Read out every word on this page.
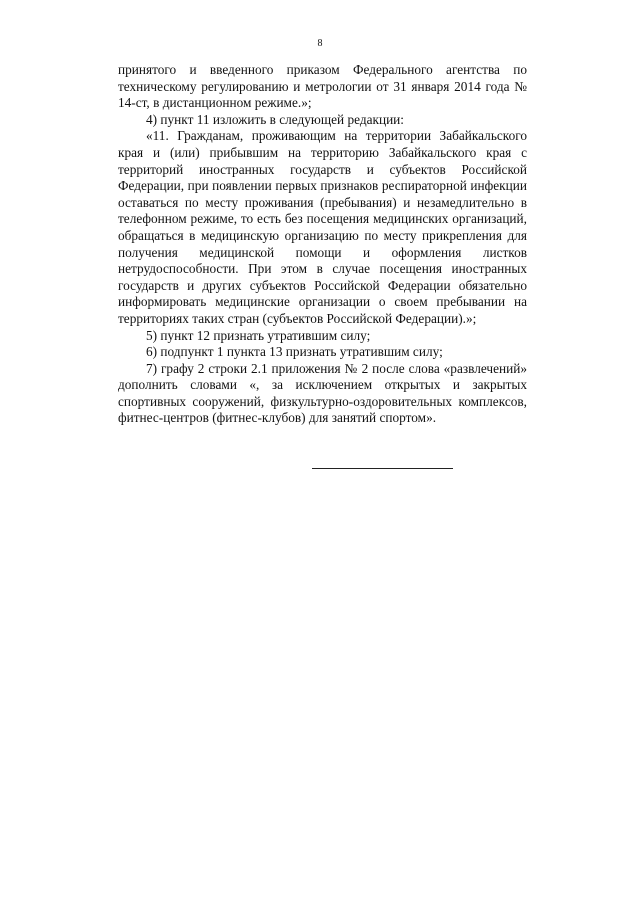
8

принятого и введенного приказом Федерального агентства по техническому регулированию и метрологии от 31 января 2014 года № 14-ст, в дистанционном режиме.»;

4) пункт 11 изложить в следующей редакции:

«11. Гражданам, проживающим на территории Забайкальского края и (или) прибывшим на территорию Забайкальского края с территорий иностранных государств и субъектов Российской Федерации, при появлении первых признаков респираторной инфекции оставаться по месту проживания (пребывания) и незамедлительно в телефонном режиме, то есть без посещения медицинских организаций, обращаться в медицинскую организацию по месту прикрепления для получения медицинской помощи и оформления листков нетрудоспособности. При этом в случае посещения иностранных государств и других субъектов Российской Федерации обязательно информировать медицинские организации о своем пребывании на территориях таких стран (субъектов Российской Федерации).»;

5) пункт 12 признать утратившим силу;

6) подпункт 1 пункта 13 признать утратившим силу;

7) графу 2 строки 2.1 приложения № 2 после слова «развлечений» дополнить словами «, за исключением открытых и закрытых спортивных сооружений, физкультурно-оздоровительных комплексов, фитнес-центров (фитнес-клубов) для занятий спортом».
